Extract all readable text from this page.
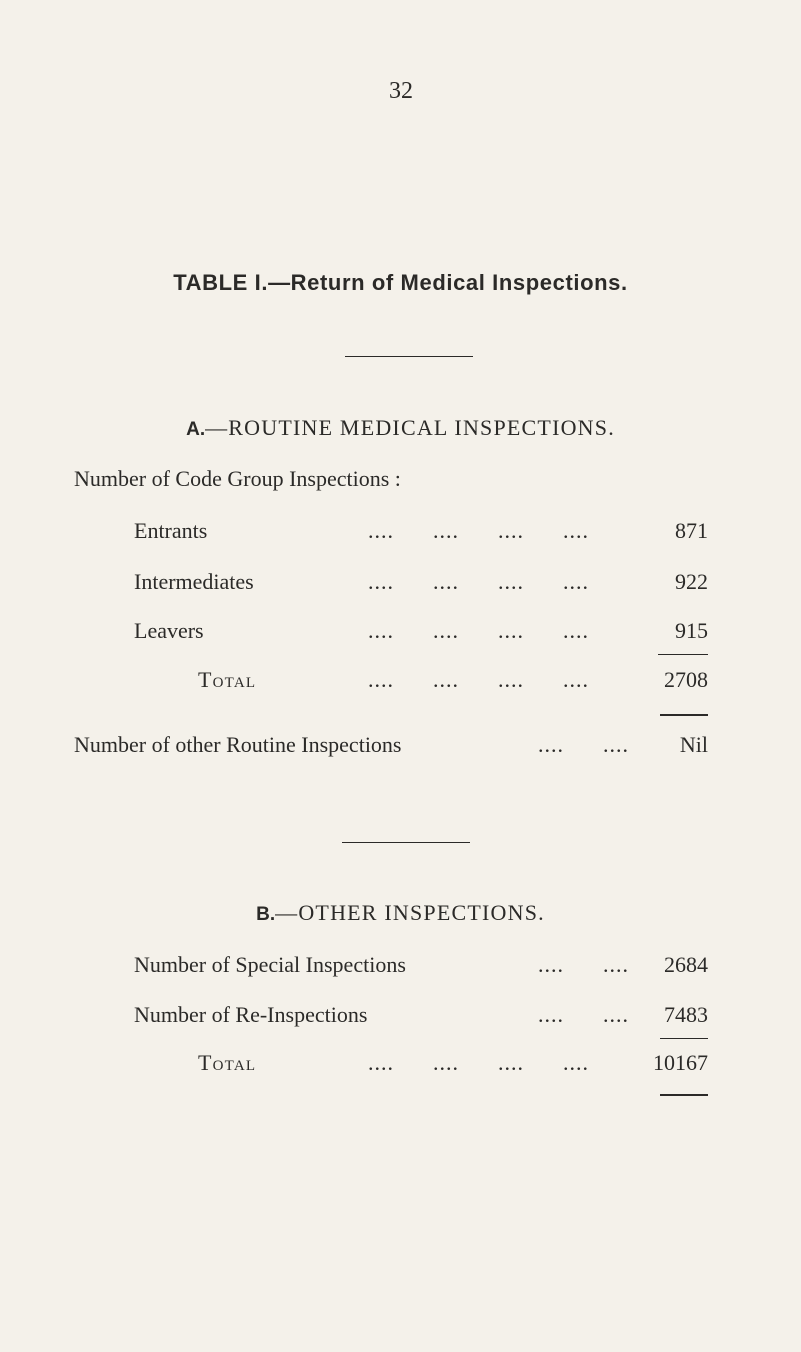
32
TABLE I.—Return of Medical Inspections.
A.—ROUTINE MEDICAL INSPECTIONS.
Number of Code Group Inspections :
Entrants	....      ....      ....      ....	871
Intermediates	....      ....      ....      ....	922
Leavers	....      ....      ....      ....	915
Total	....      ....      ....      ....	2708
Number of other Routine Inspections	....      ....	Nil
B.—OTHER INSPECTIONS.
Number of Special Inspections	....      ....	2684
Number of Re-Inspections	....      ....	7483
Total	....      ....      ....      ....	10167
